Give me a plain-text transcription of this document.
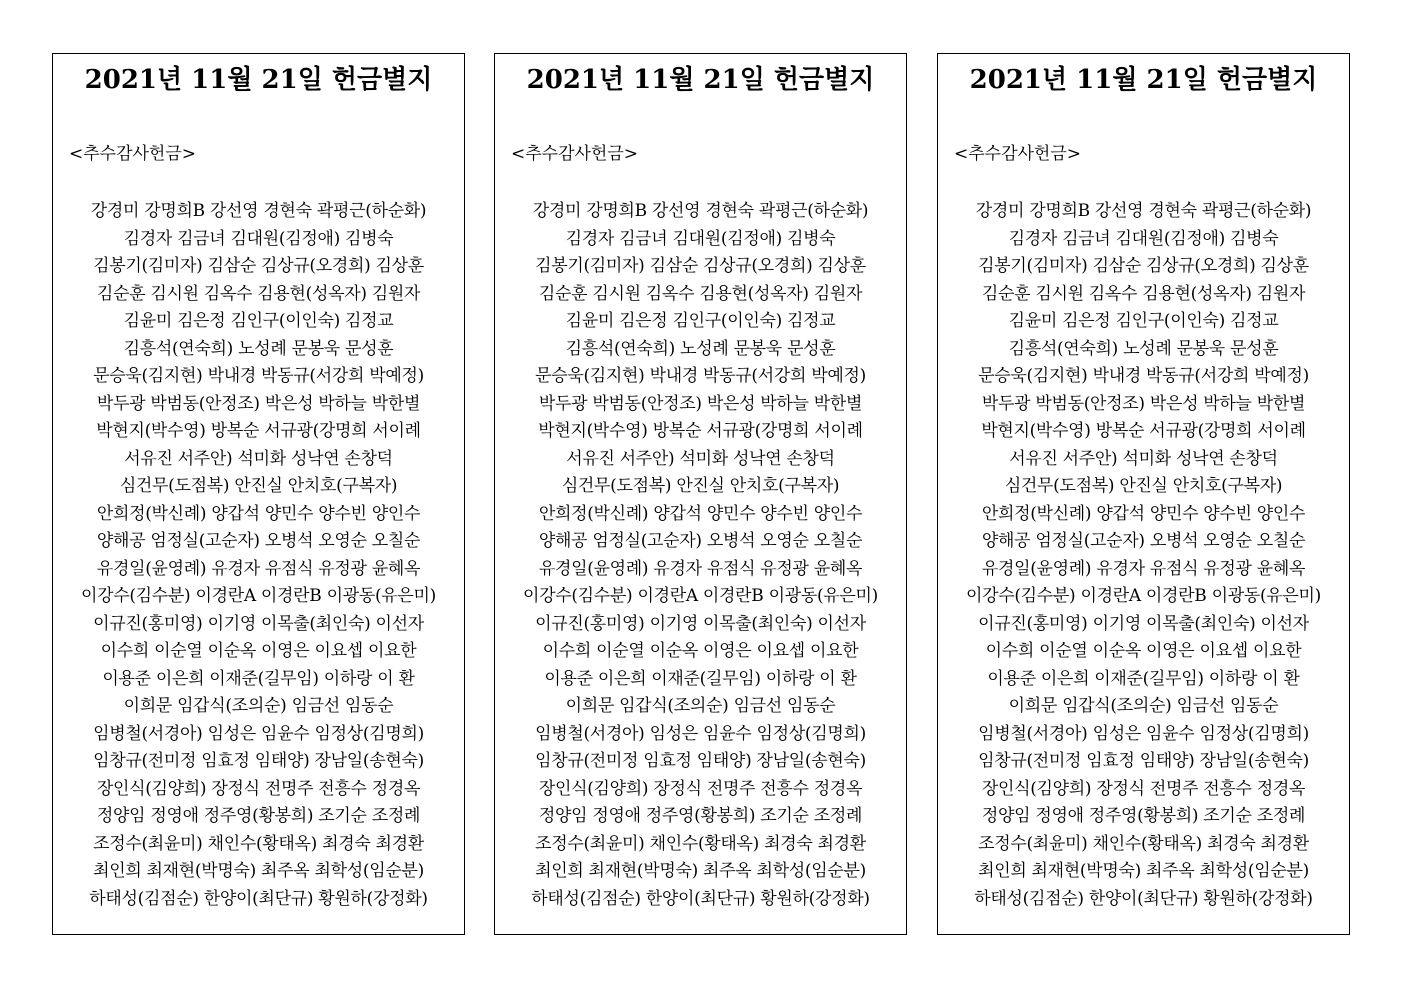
2021년 11월 21일 헌금별지
<추수감사헌금>
강경미 강명희B 강선영 경현숙 곽평근(하순화)
김경자 김금녀 김대원(김정애) 김병숙
김봉기(김미자) 김삼순 김상규(오경희) 김상훈
김순훈 김시원 김옥수 김용현(성옥자) 김원자
김윤미 김은정 김인구(이인숙) 김정교
김흥석(연숙희) 노성례 문봉욱 문성훈
문승욱(김지현) 박내경 박동규(서강희 박예정)
박두광 박범동(안정조) 박은성 박하늘 박한별
박현지(박수영) 방복순 서규광(강명희 서이례
서유진 서주안) 석미화 성낙연 손창덕
심건무(도점복) 안진실 안치호(구복자)
안희정(박신례) 양갑석 양민수 양수빈 양인수
양해공 엄정실(고순자) 오병석 오영순 오칠순
유경일(윤영례) 유경자 유점식 유정광 윤혜옥
이강수(김수분) 이경란A 이경란B 이광동(유은미)
이규진(홍미영) 이기영 이목출(최인숙) 이선자
이수희 이순열 이순옥 이영은 이요셉 이요한
이용준 이은희 이재준(길무임) 이하랑 이 환
이희문 임갑식(조의순) 임금선 임동순
임병철(서경아) 임성은 임윤수 임정상(김명희)
임창규(전미정 임효정 임태양) 장남일(송현숙)
장인식(김양희) 장정식 전명주 전흥수 정경옥
정양임 정영애 정주영(황봉희) 조기순 조정례
조정수(최윤미) 채인수(황태옥) 최경숙 최경환
최인희 최재현(박명숙) 최주옥 최학성(임순분)
하태성(김점순) 한양이(최단규) 황원하(강정화)
2021년 11월 21일 헌금별지
<추수감사헌금>
강경미 강명희B 강선영 경현숙 곽평근(하순화)
김경자 김금녀 김대원(김정애) 김병숙
김봉기(김미자) 김삼순 김상규(오경희) 김상훈
김순훈 김시원 김옥수 김용현(성옥자) 김원자
김윤미 김은정 김인구(이인숙) 김정교
김흥석(연숙희) 노성례 문봉욱 문성훈
문승욱(김지현) 박내경 박동규(서강희 박예정)
박두광 박범동(안정조) 박은성 박하늘 박한별
박현지(박수영) 방복순 서규광(강명희 서이례
서유진 서주안) 석미화 성낙연 손창덕
심건무(도점복) 안진실 안치호(구복자)
안희정(박신례) 양갑석 양민수 양수빈 양인수
양해공 엄정실(고순자) 오병석 오영순 오칠순
유경일(윤영례) 유경자 유점식 유정광 윤혜옥
이강수(김수분) 이경란A 이경란B 이광동(유은미)
이규진(홍미영) 이기영 이목출(최인숙) 이선자
이수희 이순열 이순옥 이영은 이요셉 이요한
이용준 이은희 이재준(길무임) 이하랑 이 환
이희문 임갑식(조의순) 임금선 임동순
임병철(서경아) 임성은 임윤수 임정상(김명희)
임창규(전미정 임효정 임태양) 장남일(송현숙)
장인식(김양희) 장정식 전명주 전흥수 정경옥
정양임 정영애 정주영(황봉희) 조기순 조정례
조정수(최윤미) 채인수(황태옥) 최경숙 최경환
최인희 최재현(박명숙) 최주옥 최학성(임순분)
하태성(김점순) 한양이(최단규) 황원하(강정화)
2021년 11월 21일 헌금별지
<추수감사헌금>
강경미 강명희B 강선영 경현숙 곽평근(하순화)
김경자 김금녀 김대원(김정애) 김병숙
김봉기(김미자) 김삼순 김상규(오경희) 김상훈
김순훈 김시원 김옥수 김용현(성옥자) 김원자
김윤미 김은정 김인구(이인숙) 김정교
김흥석(연숙희) 노성례 문봉욱 문성훈
문승욱(김지현) 박내경 박동규(서강희 박예정)
박두광 박범동(안정조) 박은성 박하늘 박한별
박현지(박수영) 방복순 서규광(강명희 서이례
서유진 서주안) 석미화 성낙연 손창덕
심건무(도점복) 안진실 안치호(구복자)
안희정(박신례) 양갑석 양민수 양수빈 양인수
양해공 엄정실(고순자) 오병석 오영순 오칠순
유경일(윤영례) 유경자 유점식 유정광 윤혜옥
이강수(김수분) 이경란A 이경란B 이광동(유은미)
이규진(홍미영) 이기영 이목출(최인숙) 이선자
이수희 이순열 이순옥 이영은 이요셉 이요한
이용준 이은희 이재준(길무임) 이하랑 이 환
이희문 임갑식(조의순) 임금선 임동순
임병철(서경아) 임성은 임윤수 임정상(김명희)
임창규(전미정 임효정 임태양) 장남일(송현숙)
장인식(김양희) 장정식 전명주 전흥수 정경옥
정양임 정영애 정주영(황봉희) 조기순 조정례
조정수(최윤미) 채인수(황태옥) 최경숙 최경환
최인희 최재현(박명숙) 최주옥 최학성(임순분)
하태성(김점순) 한양이(최단규) 황원하(강정화)
